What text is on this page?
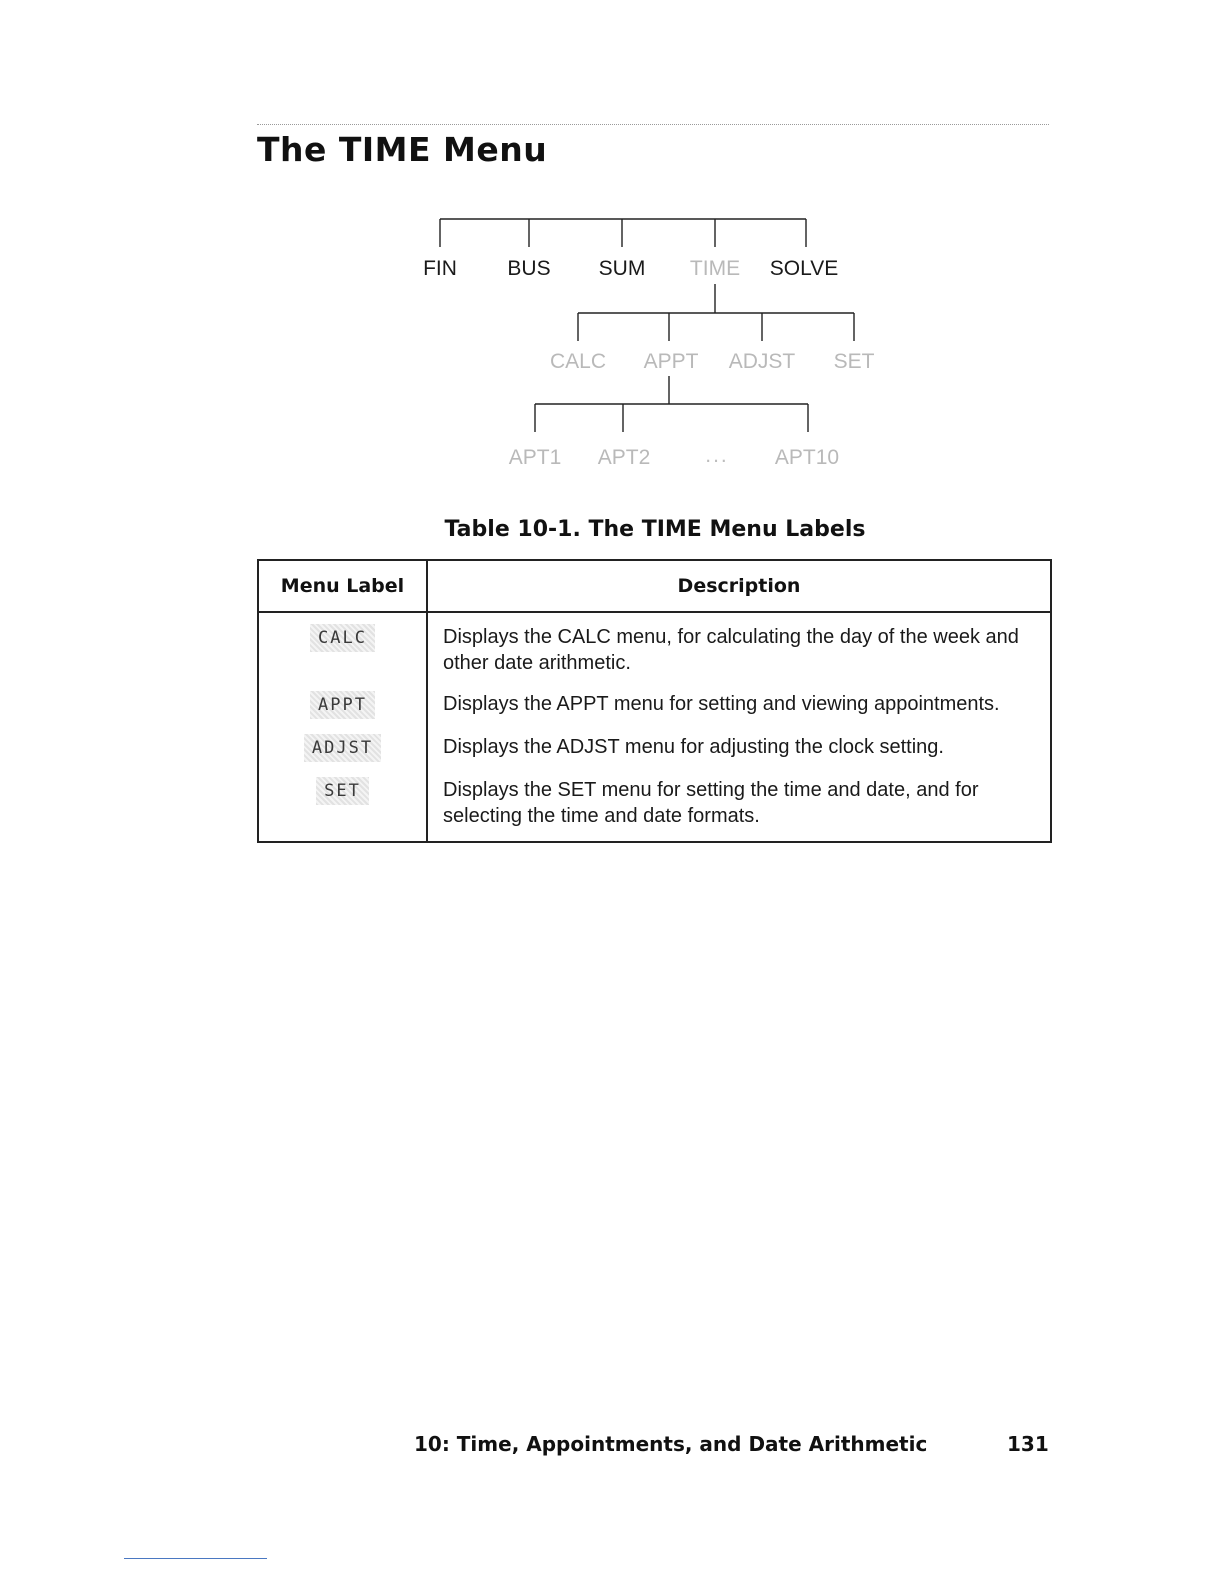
The TIME Menu
FIN BUS SUM TIME SOLVE
CALC APPT ADJST SET
APT1 APT2	... APT10
Table 10-1. The TIME Menu Labels
Menu Label	Description
CALC	Displays the CALC menu, for calculating the day of the week and other date arithmetic.
APPT	Displays the APPT menu for setting and viewing appointments.
ADJST	Displays the ADJST menu for adjusting the clock setting.
SET	Displays the SET menu for setting the time and date, and for selecting the time and date formats.
10: Time, Appointments, and Date Arithmetic	131
